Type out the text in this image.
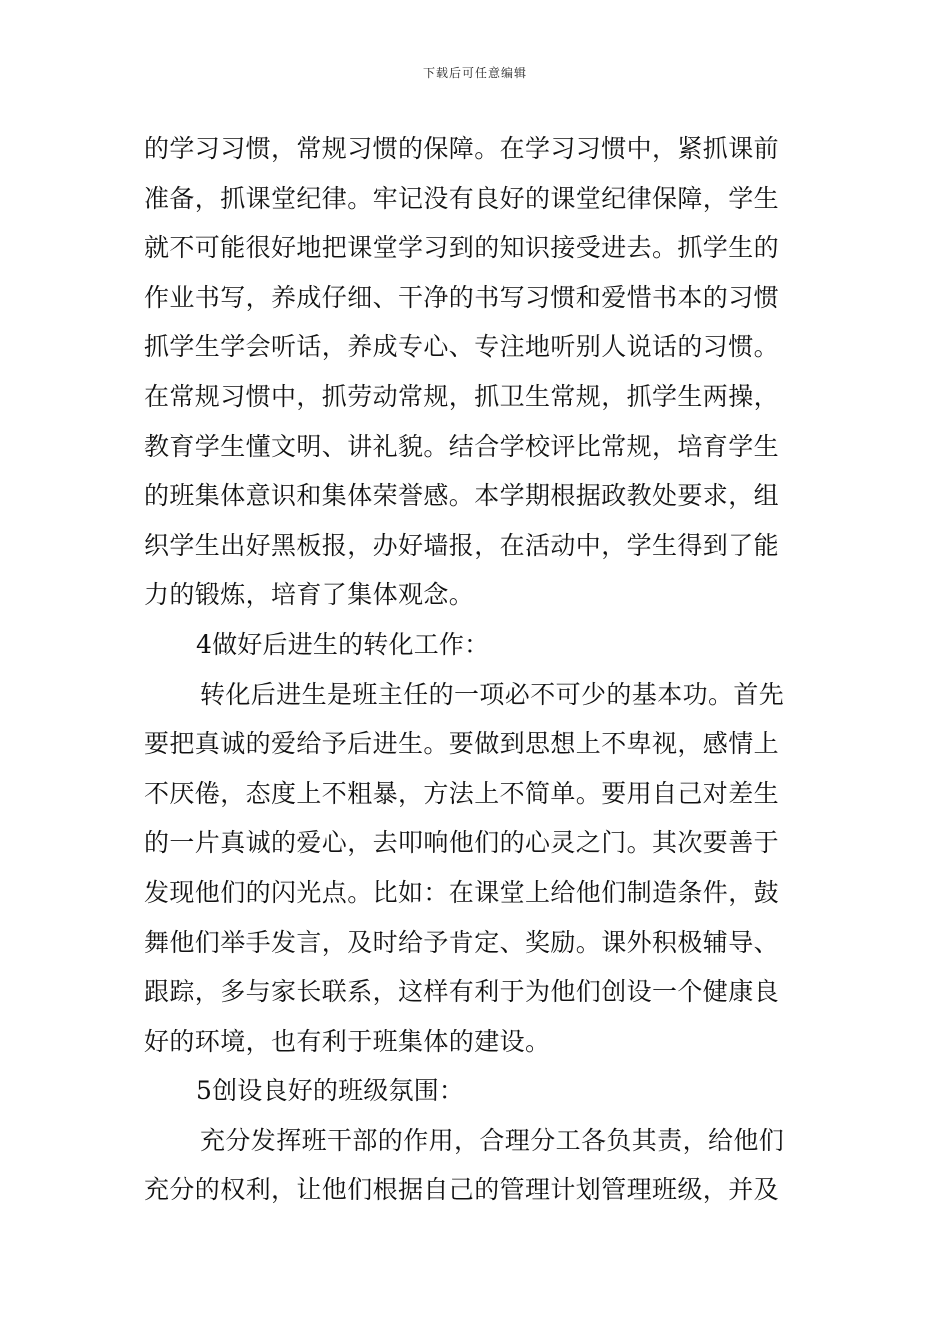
下载后可任意编辑
的学习习惯，常规习惯的保障。在学习习惯中，紧抓课前
准备，抓课堂纪律。牢记没有良好的课堂纪律保障，学生
就不可能很好地把课堂学习到的知识接受进去。抓学生的
作业书写，养成仔细、干净的书写习惯和爱惜书本的习惯
抓学生学会听话，养成专心、专注地听别人说话的习惯。
在常规习惯中，抓劳动常规，抓卫生常规，抓学生两操，
教育学生懂文明、讲礼貌。结合学校评比常规，培育学生
的班集体意识和集体荣誉感。本学期根据政教处要求，组
织学生出好黑板报，办好墙报，在活动中，学生得到了能
力的锻炼，培育了集体观念。
4做好后进生的转化工作：
转化后进生是班主任的一项必不可少的基本功。首先
要把真诚的爱给予后进生。要做到思想上不卑视，感情上
不厌倦，态度上不粗暴，方法上不简单。要用自己对差生
的一片真诚的爱心，去叩响他们的心灵之门。其次要善于
发现他们的闪光点。比如：在课堂上给他们制造条件，鼓
舞他们举手发言，及时给予肯定、奖励。课外积极辅导、
跟踪，多与家长联系，这样有利于为他们创设一个健康良
好的环境，也有利于班集体的建设。
5创设良好的班级氛围：
充分发挥班干部的作用，合理分工各负其责，给他们
充分的权利，让他们根据自己的管理计划管理班级，并及
